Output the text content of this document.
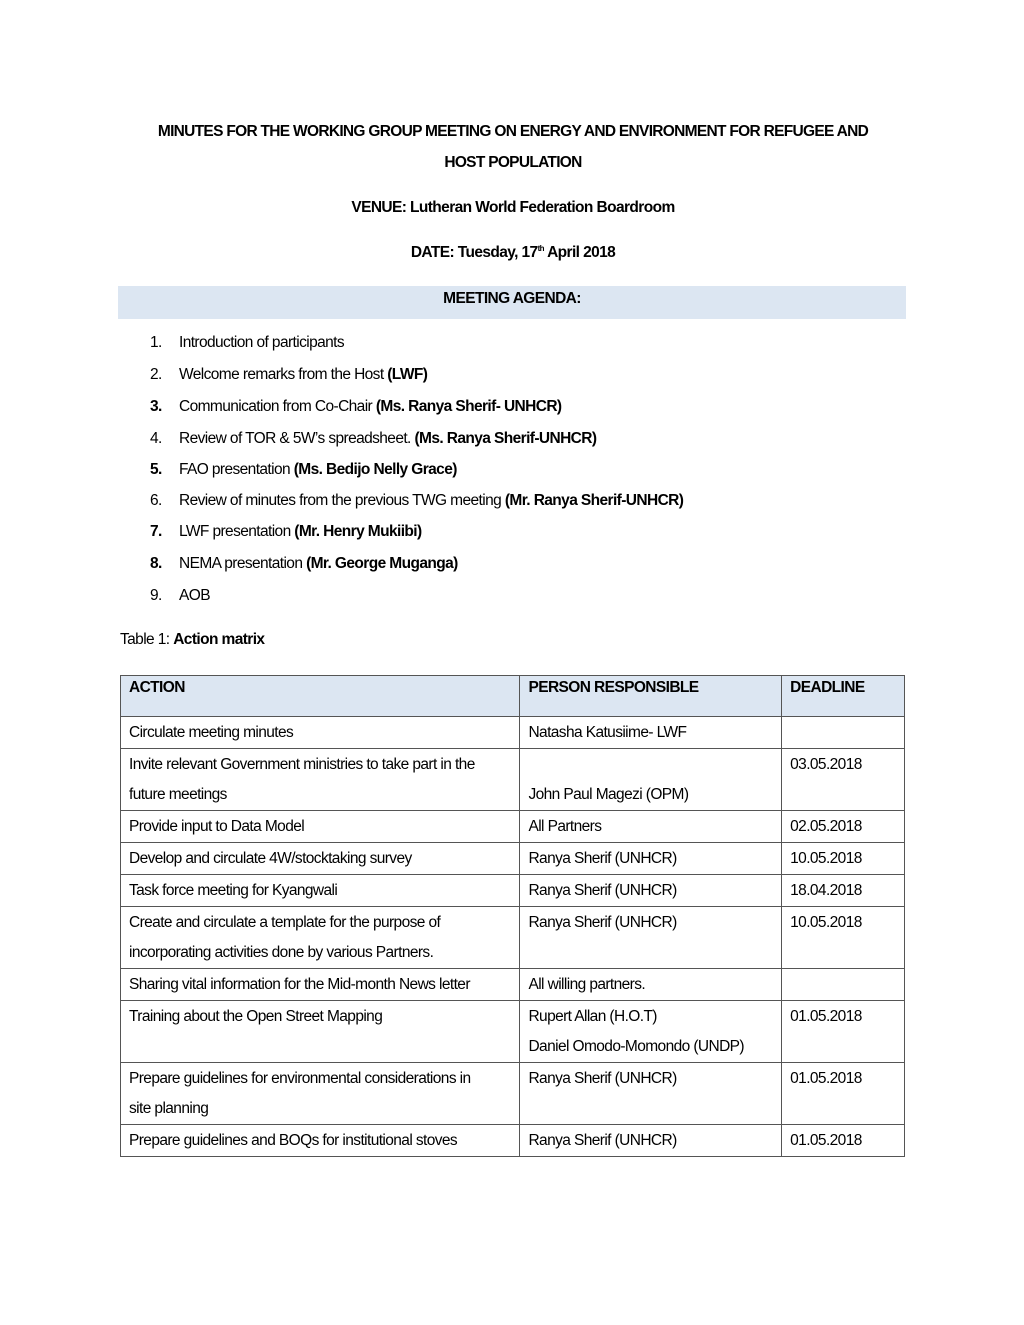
MINUTES FOR THE WORKING GROUP MEETING ON ENERGY AND ENVIRONMENT FOR REFUGEE AND
HOST POPULATION
VENUE: Lutheran World Federation Boardroom
DATE: Tuesday, 17th April 2018
MEETING AGENDA:
1.	Introduction of participants
2.	Welcome remarks from the Host (LWF)
3.	Communication from Co-Chair (Ms. Ranya Sherif- UNHCR)
4.	Review of TOR & 5W’s spreadsheet. (Ms. Ranya Sherif-UNHCR)
5.	FAO presentation (Ms. Bedijo Nelly Grace)
6.	Review of minutes from the previous TWG meeting (Mr. Ranya Sherif-UNHCR)
7.	LWF presentation (Mr. Henry Mukiibi)
8.	NEMA presentation (Mr. George Muganga)
9.	AOB
Table 1: Action matrix
ACTION	PERSON RESPONSIBLE	DEADLINE

Circulate meeting minutes	Natasha Katusiime- LWF	

Invite relevant Government ministries to take part in the
future meetings	John Paul Magezi (OPM)	03.05.2018

Provide input to Data Model	All Partners	02.05.2018

Develop and circulate 4W/stocktaking survey	Ranya Sherif (UNHCR)	10.05.2018

Task force meeting for Kyangwali	Ranya Sherif (UNHCR)	18.04.2018

Create and circulate a template for the purpose of
incorporating activities done by various Partners.	Ranya Sherif (UNHCR)	10.05.2018

Sharing vital information for the Mid-month News letter	All willing partners.	

Training about the Open Street Mapping	Rupert Allan (H.O.T)
Daniel Omodo-Momondo (UNDP)	01.05.2018

Prepare guidelines for environmental considerations in
site planning	Ranya Sherif (UNHCR)	01.05.2018

Prepare guidelines and BOQs for institutional stoves	Ranya Sherif (UNHCR)	01.05.2018
